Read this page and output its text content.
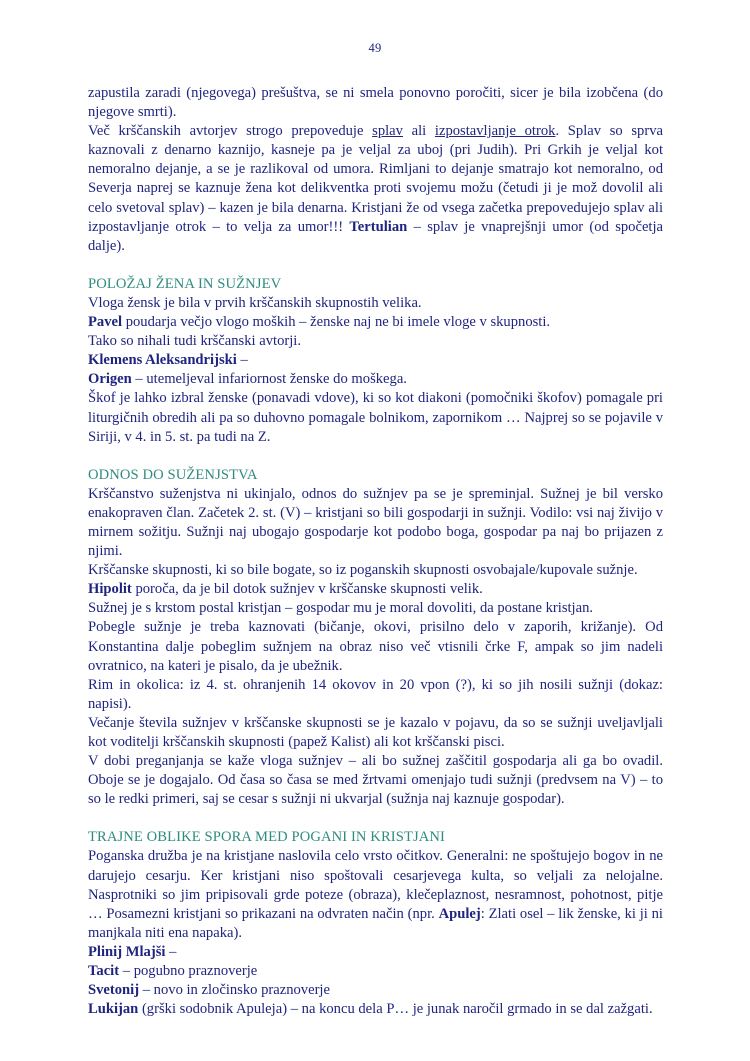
49

zapustila zaradi (njegovega) prešuštva, se ni smela ponovno poročiti, sicer je bila izobčena (do njegove smrti).

Več krščanskih avtorjev strogo prepoveduje splav ali izpostavljanje otrok. Splav so sprva kaznovali z denarno kaznijo, kasneje pa je veljal za uboj (pri Judih). Pri Grkih je veljal kot nemoralno dejanje, a se je razlikoval od umora. Rimljani to dejanje smatrajo kot nemoralno, od Severja naprej se kaznuje žena kot delikventka proti svojemu možu (četudi ji je mož dovolil ali celo svetoval splav) – kazen je bila denarna. Kristjani že od vsega začetka prepovedujejo splav ali izpostavljanje otrok – to velja za umor!!! Tertulian – splav je vnaprejšnji umor (od spočetja dalje).

POLOŽAJ ŽENA IN SUŽNJEV

Vloga žensk je bila v prvih krščanskih skupnostih velika.

Pavel poudarja večjo vlogo moških – ženske naj ne bi imele vloge v skupnosti.

Tako so nihali tudi krščanski avtorji.

Klemens Aleksandrijski –

Origen – utemeljeval infariornost ženske do moškega.

Škof je lahko izbral ženske (ponavadi vdove), ki so kot diakoni (pomočniki škofov) pomagale pri liturgičnih obredih ali pa so duhovno pomagale bolnikom, zapornikom … Najprej so se pojavile v Siriji, v 4. in 5. st. pa tudi na Z.

ODNOS DO SUŽENJSTVA

Krščanstvo suženjstva ni ukinjalo, odnos do sužnjev pa se je spreminjal. Sužnej je bil versko enakopraven član. Začetek 2. st. (V) – kristjani so bili gospodarji in sužnji. Vodilo: vsi naj živijo v mirnem sožitju. Sužnji naj ubogajo gospodarje kot podobo boga, gospodar pa naj bo prijazen z njimi.

Krščanske skupnosti, ki so bile bogate, so iz poganskih skupnosti osvobajale/kupovale sužnje.

Hipolit poroča, da je bil dotok sužnjev v krščanske skupnosti velik.

Sužnej je s krstom postal kristjan – gospodar mu je moral dovoliti, da postane kristjan.

Pobegle sužnje je treba kaznovati (bičanje, okovi, prisilno delo v zaporih, križanje). Od Konstantina dalje pobeglim sužnjem na obraz niso več vtisnili črke F, ampak so jim nadeli ovratnico, na kateri je pisalo, da je ubežnik.

Rim in okolica: iz 4. st. ohranjenih 14 okovov in 20 vpon (?), ki so jih nosili sužnji (dokaz: napisi).

Večanje števila sužnjev v krščanske skupnosti se je kazalo v pojavu, da so se sužnji uveljavljali kot voditelji krščanskih skupnosti (papež Kalist) ali kot krščanski pisci.

V dobi preganjanja se kaže vloga sužnjev – ali bo sužnej zaščitil gospodarja ali ga bo ovadil. Oboje se je dogajalo. Od časa so časa se med žrtvami omenjajo tudi sužnji (predvsem na V) – to so le redki primeri, saj se cesar s sužnji ni ukvarjal (sužnja naj kaznuje gospodar).

TRAJNE OBLIKE SPORA MED POGANI IN KRISTJANI

Poganska družba je na kristjane naslovila celo vrsto očitkov. Generalni: ne spoštujejo bogov in ne darujejo cesarju. Ker kristjani niso spoštovali cesarjevega kulta, so veljali za nelojalne. Nasprotniki so jim pripisovali grde poteze (obraza), klečeplaznost, nesramnost, pohotnost, pitje … Posamezni kristjani so prikazani na odvraten način (npr. Apulej: Zlati osel – lik ženske, ki ji ni manjkala niti ena napaka).

Plinij Mlajši –

Tacit – pogubno praznoverje

Svetonij – novo in zločinsko praznoverje

Lukijan (grški sodobnik Apuleja) – na koncu dela P… je junak naročil grmado in se dal zažgati.
